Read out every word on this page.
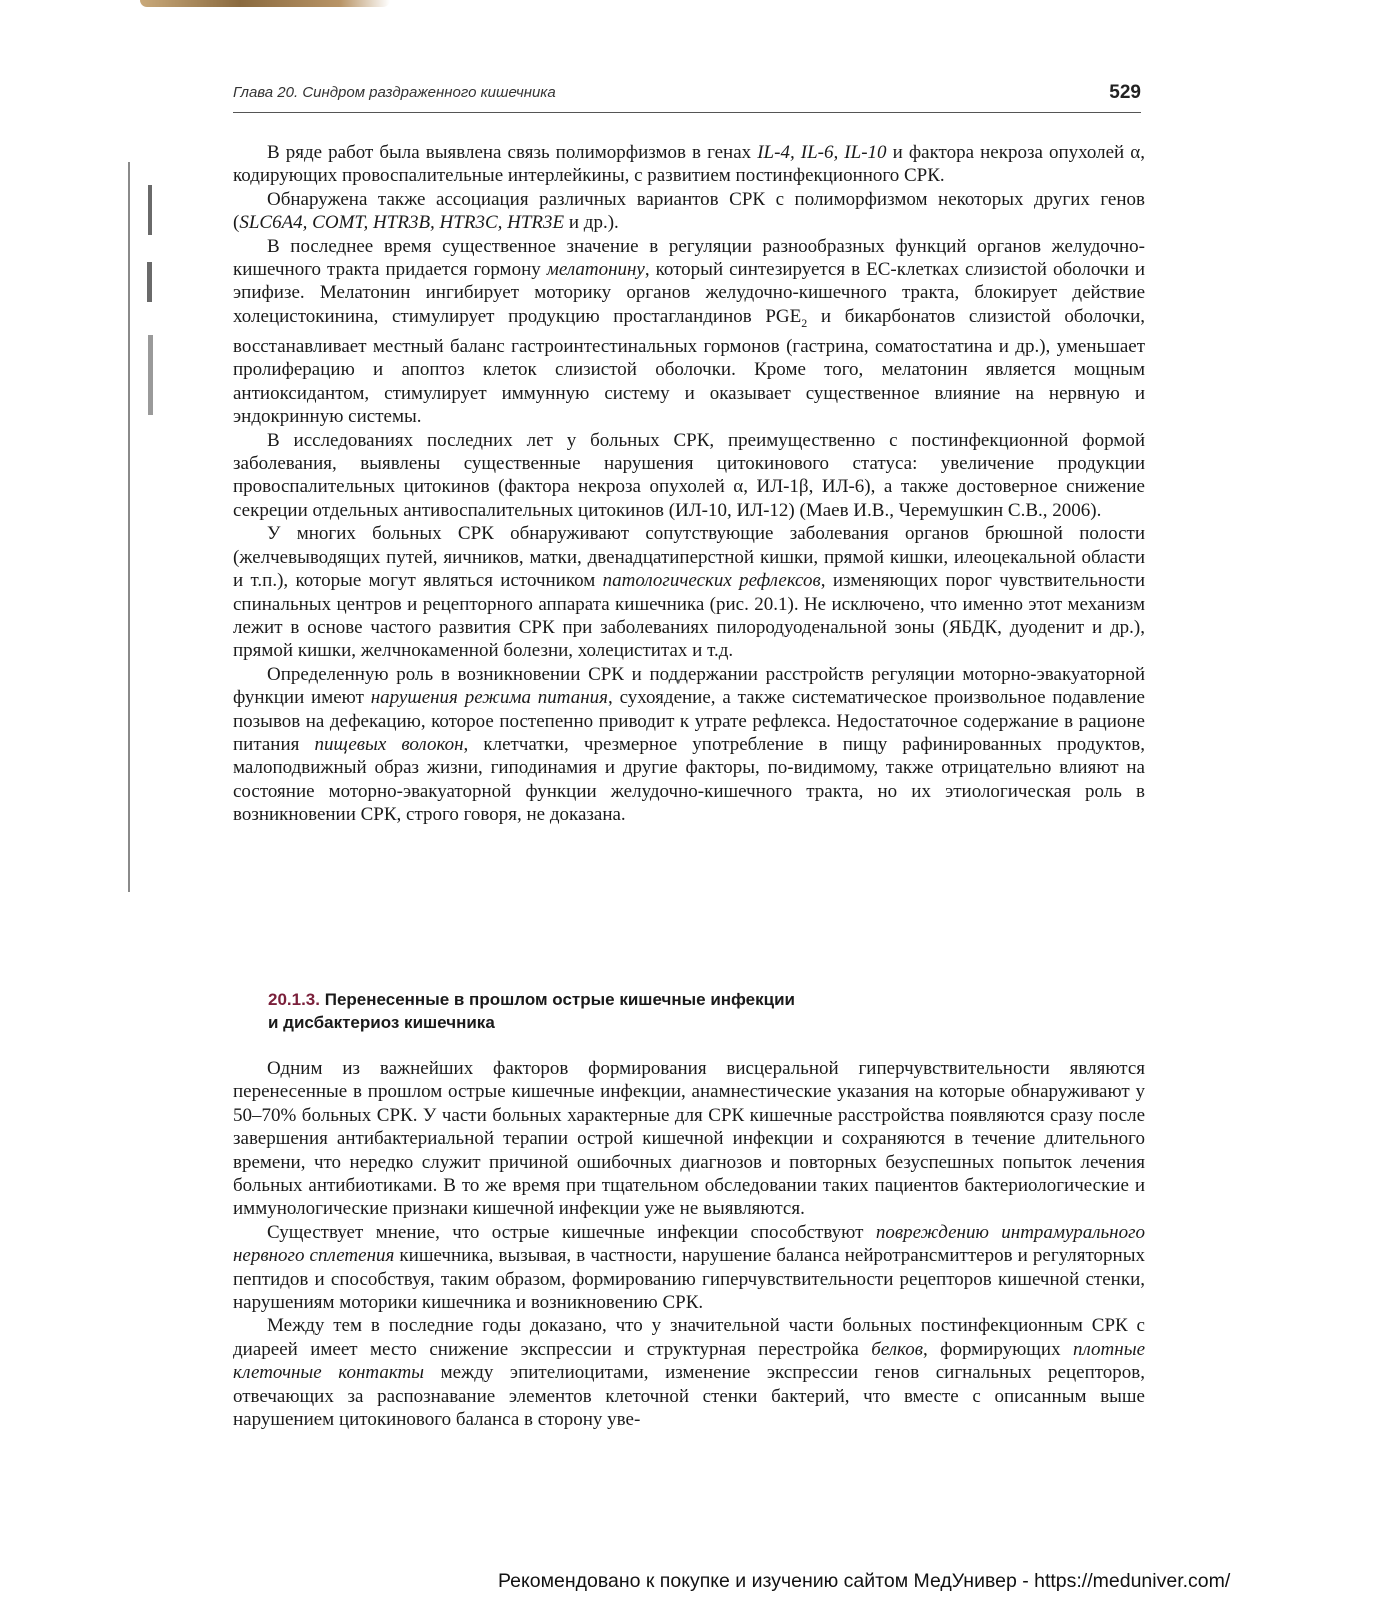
Глава 20. Синдром раздраженного кишечника	529

В ряде работ была выявлена связь полиморфизмов в генах IL-4, IL-6, IL-10 и фактора некроза опухолей α, кодирующих провоспалительные интерлейкины, с развитием постинфекционного СРК.

Обнаружена также ассоциация различных вариантов СРК с полиморфизмом некоторых других генов (SLC6A4, COMT, HTR3B, HTR3C, HTR3E и др.).

В последнее время существенное значение в регуляции разнообразных функций органов желудочно-кишечного тракта придается гормону мелатонину, который синтезируется в ЕС-клетках слизистой оболочки и эпифизе. Мелатонин ингибирует моторику органов желудочно-кишечного тракта, блокирует действие холецистокинина, стимулирует продукцию простагландинов $PGE_2$ и бикарбонатов слизистой оболочки, восстанавливает местный баланс гастроинтестинальных гормонов (гастрина, соматостатина и др.), уменьшает пролиферацию и апоптоз клеток слизистой оболочки. Кроме того, мелатонин является мощным антиоксидантом, стимулирует иммунную систему и оказывает существенное влияние на нервную и эндокринную системы.

В исследованиях последних лет у больных СРК, преимущественно с постинфекционной формой заболевания, выявлены существенные нарушения цитокинового статуса: увеличение продукции провоспалительных цитокинов (фактора некроза опухолей α, ИЛ-1β, ИЛ-6), а также достоверное снижение секреции отдельных антивоспалительных цитокинов (ИЛ-10, ИЛ-12) (Маев И.В., Черемушкин С.В., 2006).

У многих больных СРК обнаруживают сопутствующие заболевания органов брюшной полости (желчевыводящих путей, яичников, матки, двенадцатиперстной кишки, прямой кишки, илеоцекальной области и т.п.), которые могут являться источником патологических рефлексов, изменяющих порог чувствительности спинальных центров и рецепторного аппарата кишечника (рис. 20.1). Не исключено, что именно этот механизм лежит в основе частого развития СРК при заболеваниях пилородуоденальной зоны (ЯБДК, дуоденит и др.), прямой кишки, желчнокаменной болезни, холециститах и т.д.

Определенную роль в возникновении СРК и поддержании расстройств регуляции моторно-эвакуаторной функции имеют нарушения режима питания, сухоядение, а также систематическое произвольное подавление позывов на дефекацию, которое постепенно приводит к утрате рефлекса. Недостаточное содержание в рационе питания пищевых волокон, клетчатки, чрезмерное употребление в пищу рафинированных продуктов, малоподвижный образ жизни, гиподинамия и другие факторы, по-видимому, также отрицательно влияют на состояние моторно-эвакуаторной функции желудочно-кишечного тракта, но их этиологическая роль в возникновении СРК, строго говоря, не доказана.

20.1.3. Перенесенные в прошлом острые кишечные инфекции
и дисбактериоз кишечника

Одним из важнейших факторов формирования висцеральной гиперчувствительности являются перенесенные в прошлом острые кишечные инфекции, анамнестические указания на которые обнаруживают у 50–70% больных СРК. У части больных характерные для СРК кишечные расстройства появляются сразу после завершения антибактериальной терапии острой кишечной инфекции и сохраняются в течение длительного времени, что нередко служит причиной ошибочных диагнозов и повторных безуспешных попыток лечения больных антибиотиками. В то же время при тщательном обследовании таких пациентов бактериологические и иммунологические признаки кишечной инфекции уже не выявляются.

Существует мнение, что острые кишечные инфекции способствуют повреждению интрамурального нервного сплетения кишечника, вызывая, в частности, нарушение баланса нейротрансмиттеров и регуляторных пептидов и способствуя, таким образом, формированию гиперчувствительности рецепторов кишечной стенки, нарушениям моторики кишечника и возникновению СРК.

Между тем в последние годы доказано, что у значительной части больных постинфекционным СРК с диареей имеет место снижение экспрессии и структурная перестройка белков, формирующих плотные клеточные контакты между эпителиоцитами, изменение экспрессии генов сигнальных рецепторов, отвечающих за распознавание элементов клеточной стенки бактерий, что вместе с описанным выше нарушением цитокинового баланса в сторону уве-

Рекомендовано к покупке и изучению сайтом МедУнивер - https://meduniver.com/
